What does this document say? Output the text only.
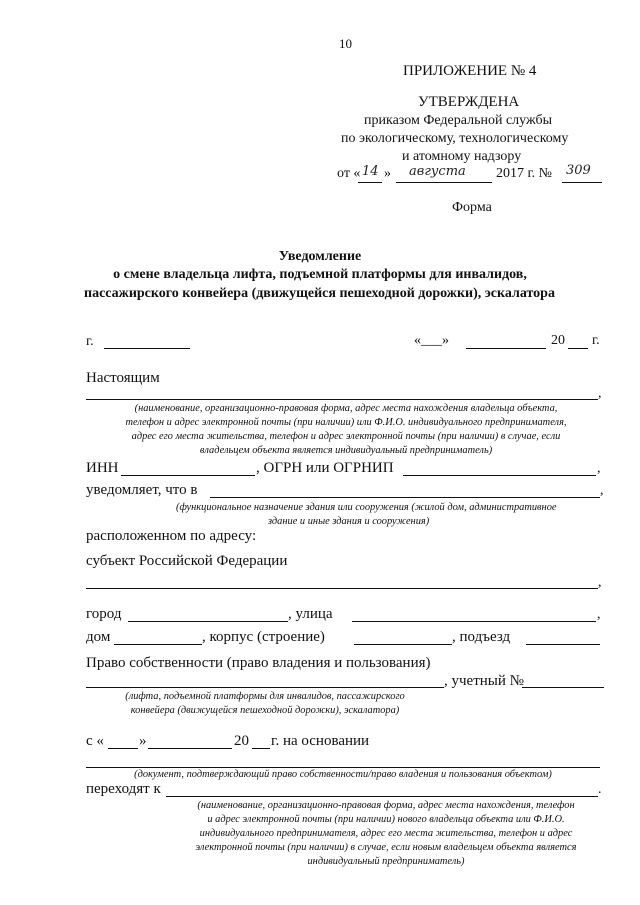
10
ПРИЛОЖЕНИЕ № 4
УТВЕРЖДЕНА
приказом Федеральной службы
по экологическому, технологическому
и атомному надзору
от « 14 » августа 2017 г. № 309
Форма
Уведомление
о смене владельца лифта, подъемной платформы для инвалидов,
пассажирского конвейера (движущейся пешеходной дорожки), эскалатора
г.	«___»	20 г.
Настоящим
,
(наименование, организационно-правовая форма, адрес места нахождения владельца объекта,
телефон и адрес электронной почты (при наличии) или Ф.И.О. индивидуального предпринимателя,
адрес его места жительства, телефон и адрес электронной почты (при наличии) в случае, если
владельцем объекта является индивидуальный предприниматель)
ИНН	, ОГРН или ОГРНИП	,
уведомляет, что в	,
(функциональное назначение здания или сооружения (жилой дом, административное
здание и иные здания и сооружения)
расположенном по адресу:
субъект Российской Федерации
,
город	, улица	,
дом	, корпус (строение)	, подъезд
Право собственности (право владения и пользования)
, учетный №
(лифта, подъемной платформы для инвалидов, пассажирского
конвейера (движущейся пешеходной дорожки), эскалатора)
с « »	20 г. на основании
(документ, подтверждающий право собственности/право владения и пользования объектом)
переходят к	.
(наименование, организационно-правовая форма, адрес места нахождения, телефон
и адрес электронной почты (при наличии) нового владельца объекта или Ф.И.О.
индивидуального предпринимателя, адрес его места жительства, телефон и адрес
электронной почты (при наличии) в случае, если новым владельцем объекта является
индивидуальный предприниматель)
